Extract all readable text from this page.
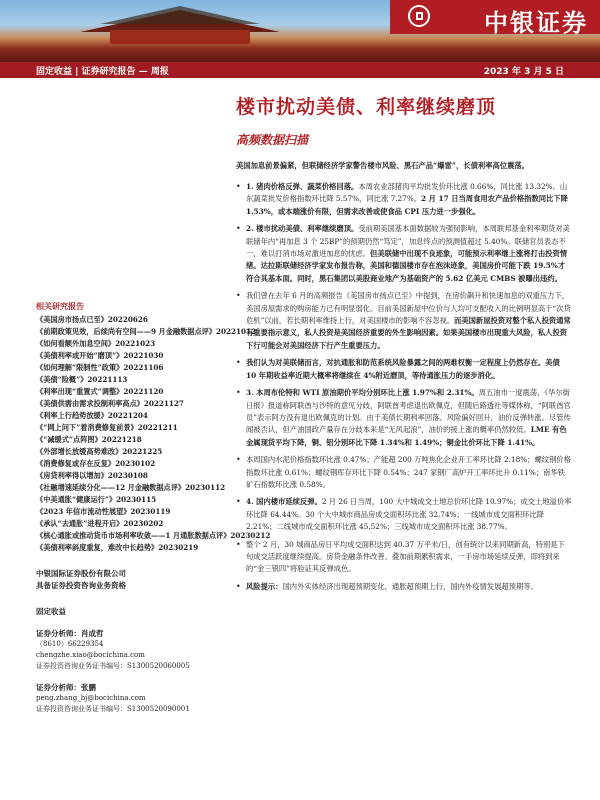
中银证券
固定收益 | 证券研究报告 — 周报	2023 年 3 月 5 日
相关研究报告
《美国房市扬点已至》20220626
《前期政策见效，后续尚有空间——9 月金融数据点评》20221012
《如何看额外加息空间》20221023
《美债利率或开始“磨顶”》20221030
《如何理解“限制性”政策》20221106
《美债“险概”》20221113
《利率出现“重置式”调整》20221120
《美债供需由需求投制利率高点》20221127
《利率上行趋势放缓》20221204
《“网上问下”着消费修复前景》20221211
《“减缓式”点阵图》20221218
《外部增长放缓高势难改》20221225
《消费修复或存在反复》20230102
《房贷利率得以增加》20230108
《社融增速延续分化——12 月金融数据点评》20230112
《中美通胀“健康运行”》20230115
《2023 年信市流动性展望》20230119
《承认“去通胀”进程开启》20230202
《核心通胀或推动货币市场利率收敛——1 月通胀数据点评》20230212
《美债利率斜度重复，难改中长趋势》20230219
中银国际证券股份有限公司
具备证券投资咨询业务资格
固定收益
证券分析师：肖成哲
（8610）66229354
chengzhe.xiao@bocichina.com
证券投资咨询业务证书编号：S1300520060005
证券分析师：张鹏
peng.zhang_bj@bocichina.com
证券投资咨询业务证书编号：S1300520090001
楼市扰动美债、利率继续磨顶
高频数据扫描
美国加息前景偏紧，但联储经济学家警告楼市风险、黑石产品“爆雷”，长债利率高位震荡。
• 1. 猪肉价格反弹、蔬菜价格回落。本周农业部猪肉平均批发价环比涨 0.66%，同比涨 13.32%。山东蔬菜批发价格指数环比降 5.57%，同比涨 7.27%。2 月 17 日当周食用农产品价格指数同比下降 1.53%，或本端涨价有限，但需求改善或使食品 CPI 压力进一步强化。
• 2. 楼市扰动美债、利率继续磨顶。受前期美国基本面数据较为强韧影响，本周联邦基金利率期货对美联储年内“再加息 3 个 25BP”的预期仍然“笃定”，加息终点的预测值超过 5.40%。联储官员表态不一，难以打消市场对激进加息的忧虑。但美联储中出现不良迹象，可能预示利率继上涨将打击投资情绪。达拉斯联储经济学家发布报告称，美国和德国楼市存在泡沫迹象，美国房价可能下跌 19.5%才符合其基本面。同时，黑石集团以美股商业地产为基础资产的 5.62 亿美元 CMBS 被曝出违约。
• 我们曾在去年 6 月的高频报告《美国房市扬点已至》中提到，在房价飙升和快速加息的双重压力下，美国房屋需求的购房能力已有明显弱化。目前美国新屋中位价与人均可支配收入的比例明显高于“次贷危机”以前，若长期利率维持上行，对美国楼市的影响不容忽视。而美国新屋投资对整个私人投资通常有重要指示意义，私人投资是美国经济重要的外生影响因素。如果美国楼市出现重大风险，私人投资下行可能会对美国经济下行产生重要压力。
• 我们认为对美联储而言，对抗通胀和防范系统风险暴露之间的两难权衡一定程度上仍然存在。美债 10 年期收益率近期大概率将继续在 4%附近磨顶，等待通胀压力的逐步消化。
• 3. 本周布伦特和 WTI 原油期价平均分别环比上涨 1.97%和 2.31%。周五油市一度震荡，《华尔街日报》报道称阿联酋与沙特的意见分歧，阿联酋考虑退出欧佩克，但随后路透社等媒体称，“阿联酋官员”表示阿方没有退出欧佩克的计划。由于美债长期利率回落、风险偏好回升，油价反弹转涨。尽管传闻被否认，但产油国政产量存在分歧本来是“无风起浪”，油价的接上涨的概率仍然较低。LME 有色金属现货平均下降，铜、铝分别环比下降 1.34%和 1.49%；铜金比价环比下降 1.41%。
• 本周国内水泥价格指数环比涨 0.47%；产能超 200 万吨焦化企业开工率环比降 2.18%；螺纹钢价格指数环比涨 0.61%；螺纹钢库存环比下降 0.54%；247 家钢厂高炉开工率环比升 0.11%；南华铁矿石指数环比涨 0.58%。
• 4. 国内楼市延续反弹。2 月 26 日当周，100 大中城成交土地总价环比降 10.97%；成交土地溢价率环比降 64.44%。30 个大中城市商品房成交面积环比涨 32.74%；一线城市成交面积环比降 2.21%；二线城市成交面积环比涨 45.52%；三线城市成交面积环比涨 38.77%。
• 整个 2 月，30 城商品房日平均成交面积达到 40.37 万平米/日，创有统计以来同期新高，特别是下旬成交活跃度继续提高。房贷金融条件改善、叠加前期累积需求，一手房市场延续反弹，即将到来的“金三银四”将验证其反弹成色。
• 风险提示：国内外实体经济出现超预期变化，通胀超预期上行，国内外疫情发展超预期等。
